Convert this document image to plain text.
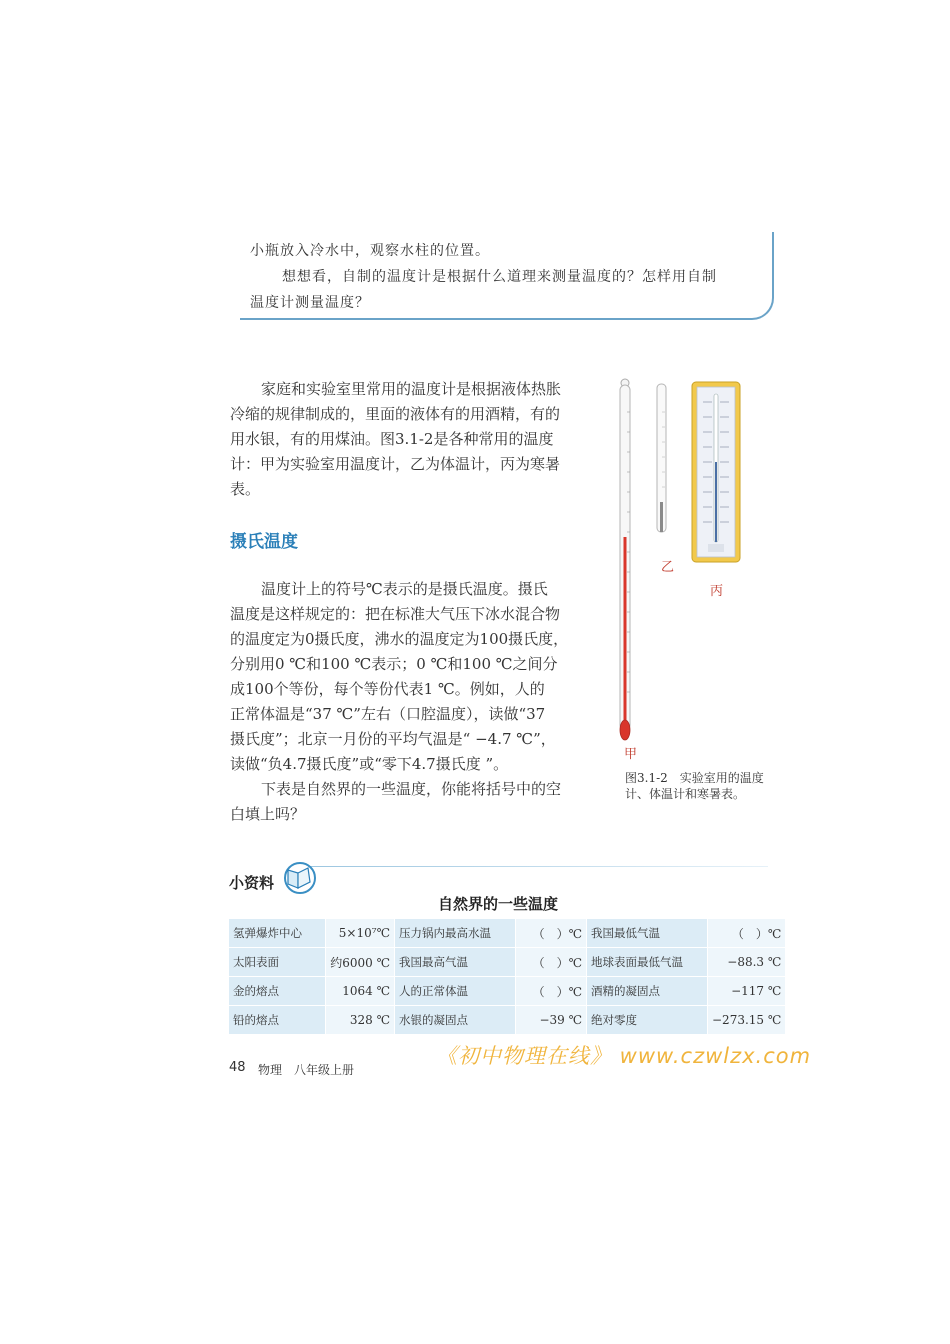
小瓶放入冷水中，观察水柱的位置。
想想看，自制的温度计是根据什么道理来测量温度的？怎样用自制
温度计测量温度？
家庭和实验室里常用的温度计是根据液体热胀
冷缩的规律制成的，里面的液体有的用酒精，有的
用水银，有的用煤油。图3.1-2是各种常用的温度
计：甲为实验室用温度计，乙为体温计，丙为寒暑
表。
摄氏温度
温度计上的符号℃表示的是摄氏温度。摄氏
温度是这样规定的：把在标准大气压下冰水混合物
的温度定为0摄氏度，沸水的温度定为100摄氏度，
分别用0 ℃和100 ℃表示；0 ℃和100 ℃之间分
成100个等份，每个等份代表1 ℃。例如，人的
正常体温是“37 ℃”左右（口腔温度），读做“37
摄氏度”；北京一月份的平均气温是“ −4.7 ℃”，
读做“负4.7摄氏度”或“零下4.7摄氏度 ”。
下表是自然界的一些温度，你能将括号中的空
白填上吗？
乙
丙
甲
图3.1-2　实验室用的温度
计、体温计和寒暑表。
小资料
自然界的一些温度
氢弹爆炸中心	5×10⁷℃	压力锅内最高水温	（　）℃	我国最低气温	（　）℃
太阳表面	约6000 ℃	我国最高气温	（　）℃	地球表面最低气温	−88.3 ℃
金的熔点	1064 ℃	人的正常体温	（　）℃	酒精的凝固点	−117 ℃
铅的熔点	328 ℃	水银的凝固点	−39 ℃	绝对零度	−273.15 ℃
48 物理　八年级上册
《初中物理在线》 www.czwlzx.com
